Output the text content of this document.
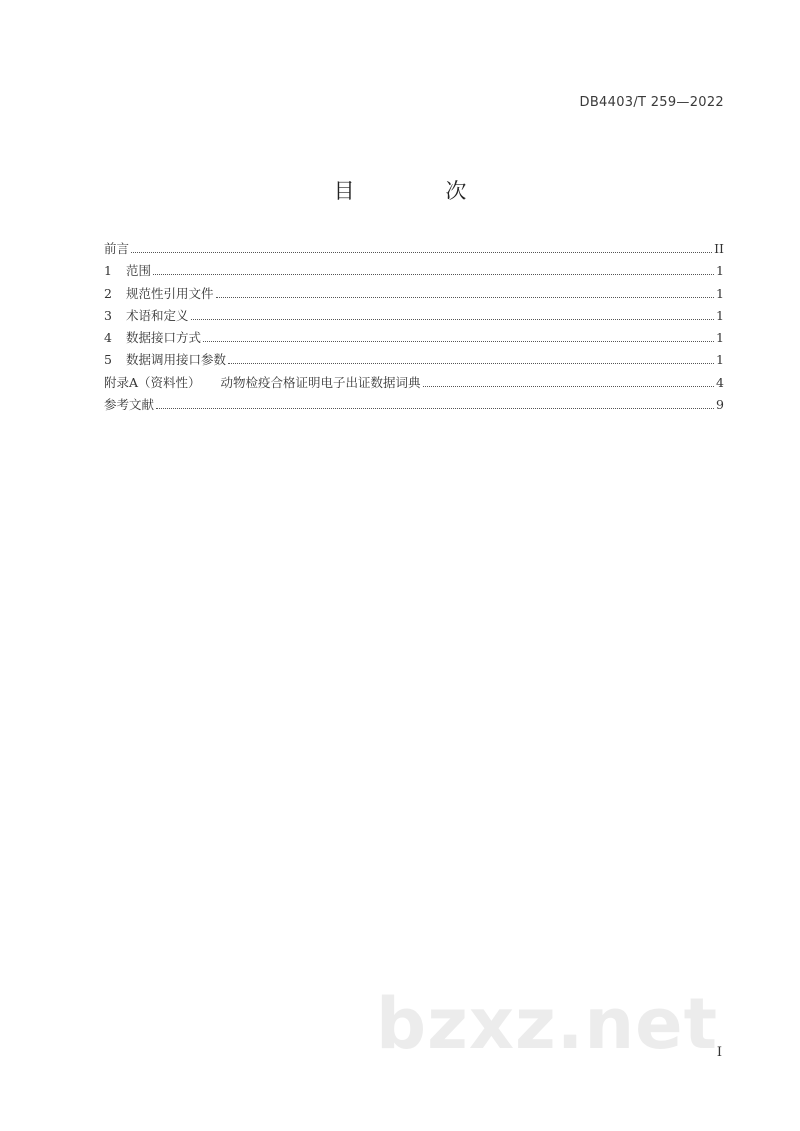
DB4403/T 259—2022
目 次
前言	II
1	范围	1
2	规范性引用文件	1
3	术语和定义	1
4	数据接口方式	1
5	数据调用接口参数	1
附录A（资料性） 动物检疫合格证明电子出证数据词典	4
参考文献	9
bzxz.net
I
